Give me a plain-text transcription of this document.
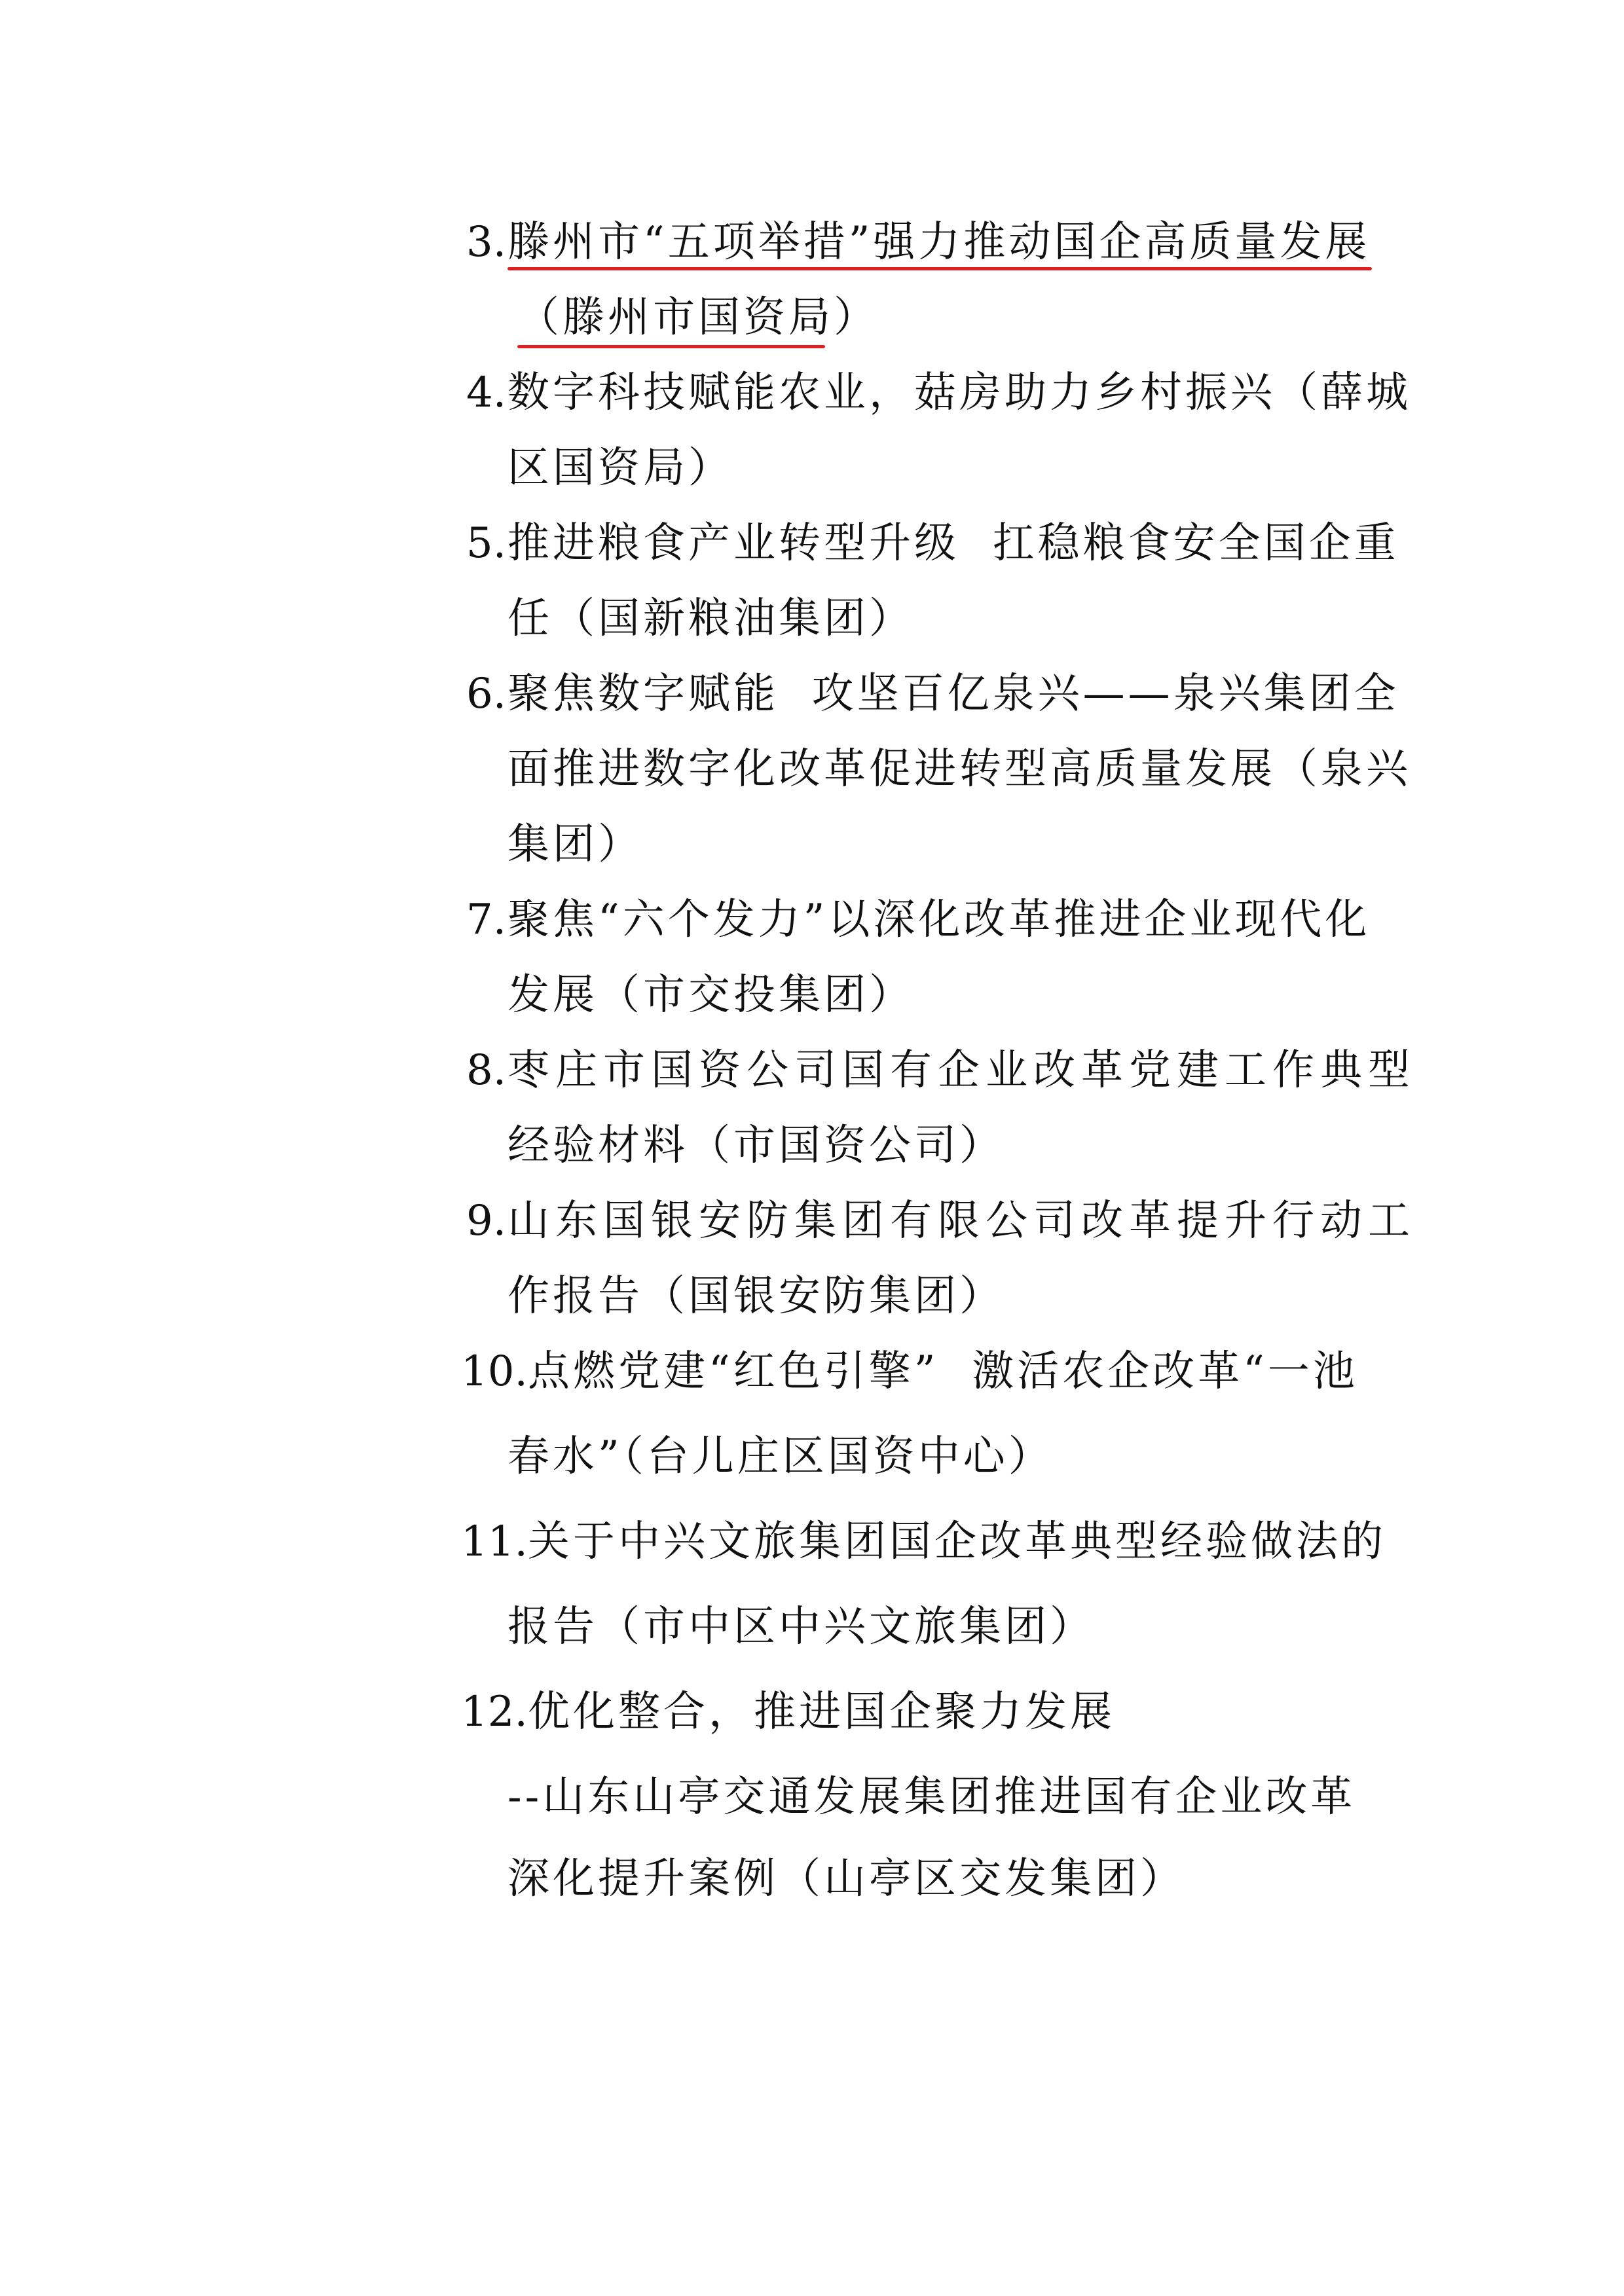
3. 滕州市“五项举措”强力推动国企高质量发展
（滕州市国资局）
4. 数字科技赋能农业，菇房助力乡村振兴（薛城
区国资局）
5. 推进粮食产业转型升级  扛稳粮食安全国企重
任（国新粮油集团）
6. 聚焦数字赋能  攻坚百亿泉兴——泉兴集团全
面推进数字化改革促进转型高质量发展（泉兴
集团）
7. 聚焦“六个发力”以深化改革推进企业现代化
发展（市交投集团）
8. 枣庄市国资公司国有企业改革党建工作典型
经验材料（市国资公司）
9. 山东国银安防集团有限公司改革提升行动工
作报告（国银安防集团）
10. 点燃党建“红色引擎”  激活农企改革“一池
春水”（台儿庄区国资中心）
11. 关于中兴文旅集团国企改革典型经验做法的
报告（市中区中兴文旅集团）
12. 优化整合，推进国企聚力发展
--山东山亭交通发展集团推进国有企业改革
深化提升案例（山亭区交发集团）
